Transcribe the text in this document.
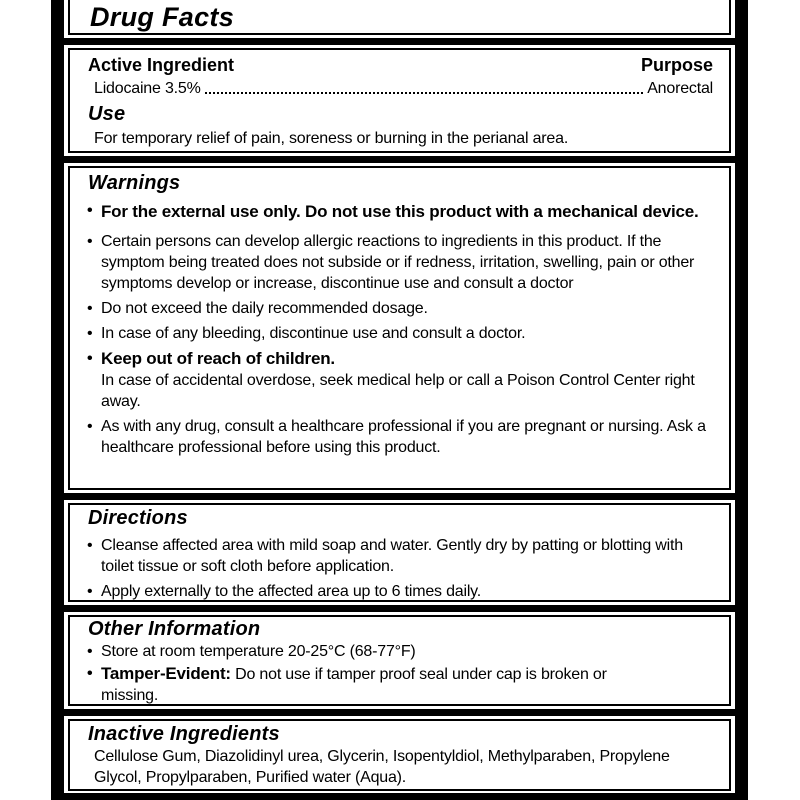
Drug Facts
Active Ingredient	Purpose
Lidocaine 3.5%	Anorectal
Use
For temporary relief of pain, soreness or burning in the perianal area.
Warnings
• For the external use only. Do not use this product with a mechanical device.
• Certain persons can develop allergic reactions to ingredients in this product. If the symptom being treated does not subside or if redness, irritation, swelling, pain or other symptoms develop or increase, discontinue use and consult a doctor
• Do not exceed the daily recommended dosage.
• In case of any bleeding, discontinue use and consult a doctor.
• Keep out of reach of children.
In case of accidental overdose, seek medical help or call a Poison Control Center right away.
• As with any drug, consult a healthcare professional if you are pregnant or nursing. Ask a healthcare professional before using this product.
Directions
• Cleanse affected area with mild soap and water. Gently dry by patting or blotting with toilet tissue or soft cloth before application.
• Apply externally to the affected area up to 6 times daily.
Other Information
• Store at room temperature 20-25°C (68-77°F)
• Tamper-Evident: Do not use if tamper proof seal under cap is broken or missing.
Inactive Ingredients
Cellulose Gum, Diazolidinyl urea, Glycerin, Isopentyldiol, Methylparaben, Propylene Glycol, Propylparaben, Purified water (Aqua).
